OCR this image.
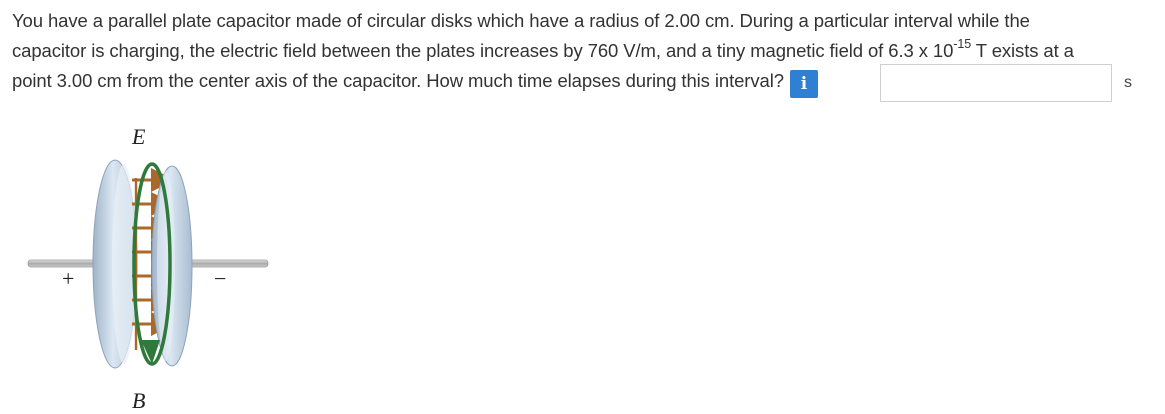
You have a parallel plate capacitor made of circular disks which have a radius of 2.00 cm. During a particular interval while the
capacitor is charging, the electric field between the plates increases by 760 V/m, and a tiny magnetic field of 6.3 x $10^{-15}$ T exists at a
point 3.00 cm from the center axis of the capacitor. How much time elapses during this interval? i	s
E
B
+	−
